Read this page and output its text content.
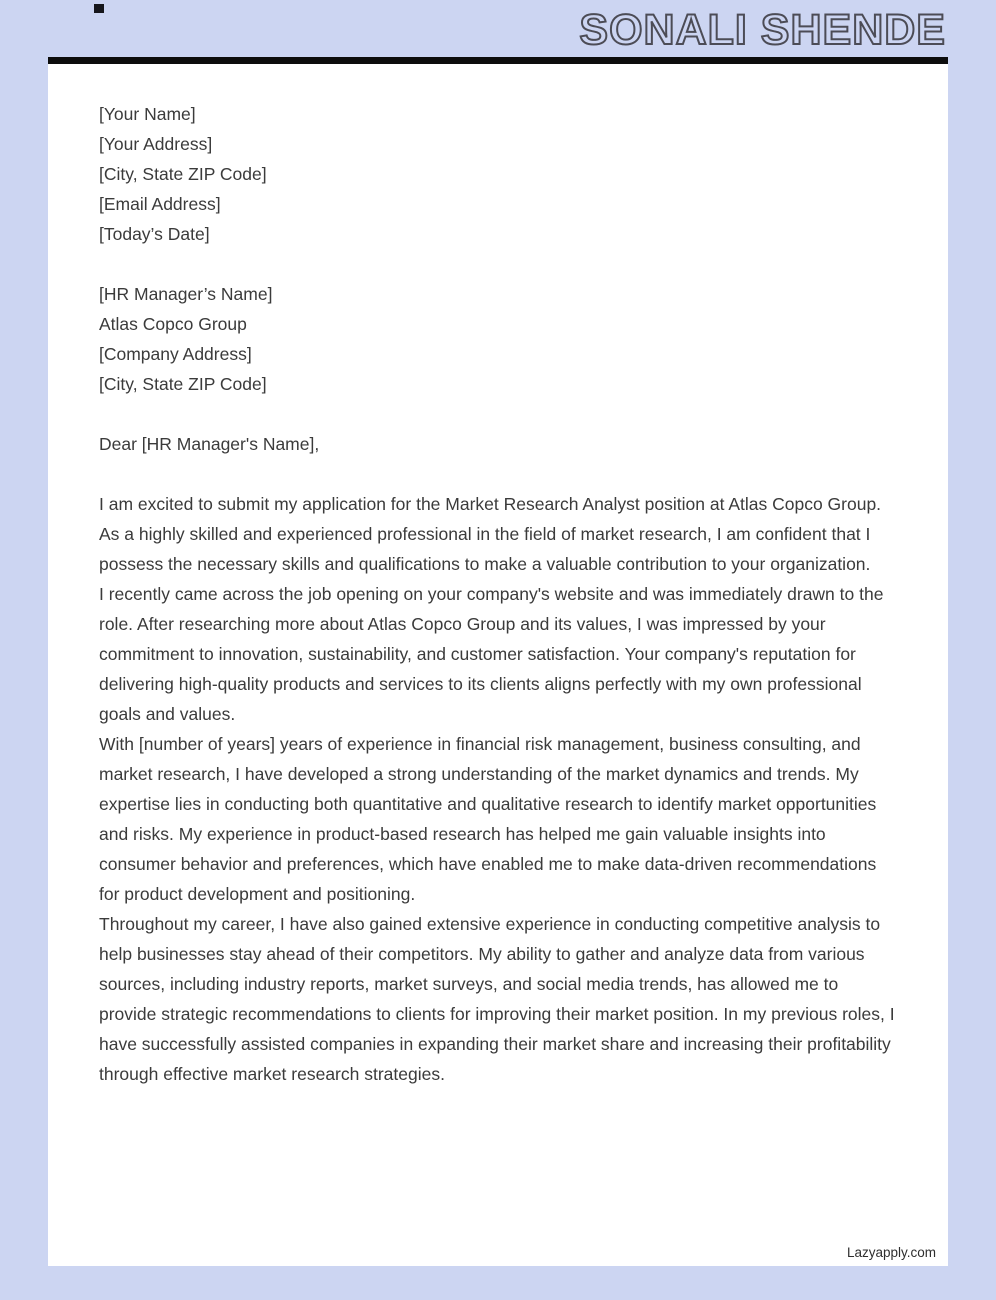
SONALI SHENDE

[Your Name]

[Your Address]

[City, State ZIP Code]

[Email Address]

[Today’s Date]

[HR Manager’s Name]

Atlas Copco Group

[Company Address]

[City, State ZIP Code]

Dear [HR Manager's Name],

I am excited to submit my application for the Market Research Analyst position at Atlas Copco Group. As a highly skilled and experienced professional in the field of market research, I am confident that I possess the necessary skills and qualifications to make a valuable contribution to your organization.

I recently came across the job opening on your company's website and was immediately drawn to the role. After researching more about Atlas Copco Group and its values, I was impressed by your commitment to innovation, sustainability, and customer satisfaction. Your company's reputation for delivering high-quality products and services to its clients aligns perfectly with my own professional goals and values.

With [number of years] years of experience in financial risk management, business consulting, and market research, I have developed a strong understanding of the market dynamics and trends. My expertise lies in conducting both quantitative and qualitative research to identify market opportunities and risks. My experience in product-based research has helped me gain valuable insights into consumer behavior and preferences, which have enabled me to make data-driven recommendations for product development and positioning.

Throughout my career, I have also gained extensive experience in conducting competitive analysis to help businesses stay ahead of their competitors. My ability to gather and analyze data from various sources, including industry reports, market surveys, and social media trends, has allowed me to provide strategic recommendations to clients for improving their market position. In my previous roles, I have successfully assisted companies in expanding their market share and increasing their profitability through effective market research strategies.

Lazyapply.com
